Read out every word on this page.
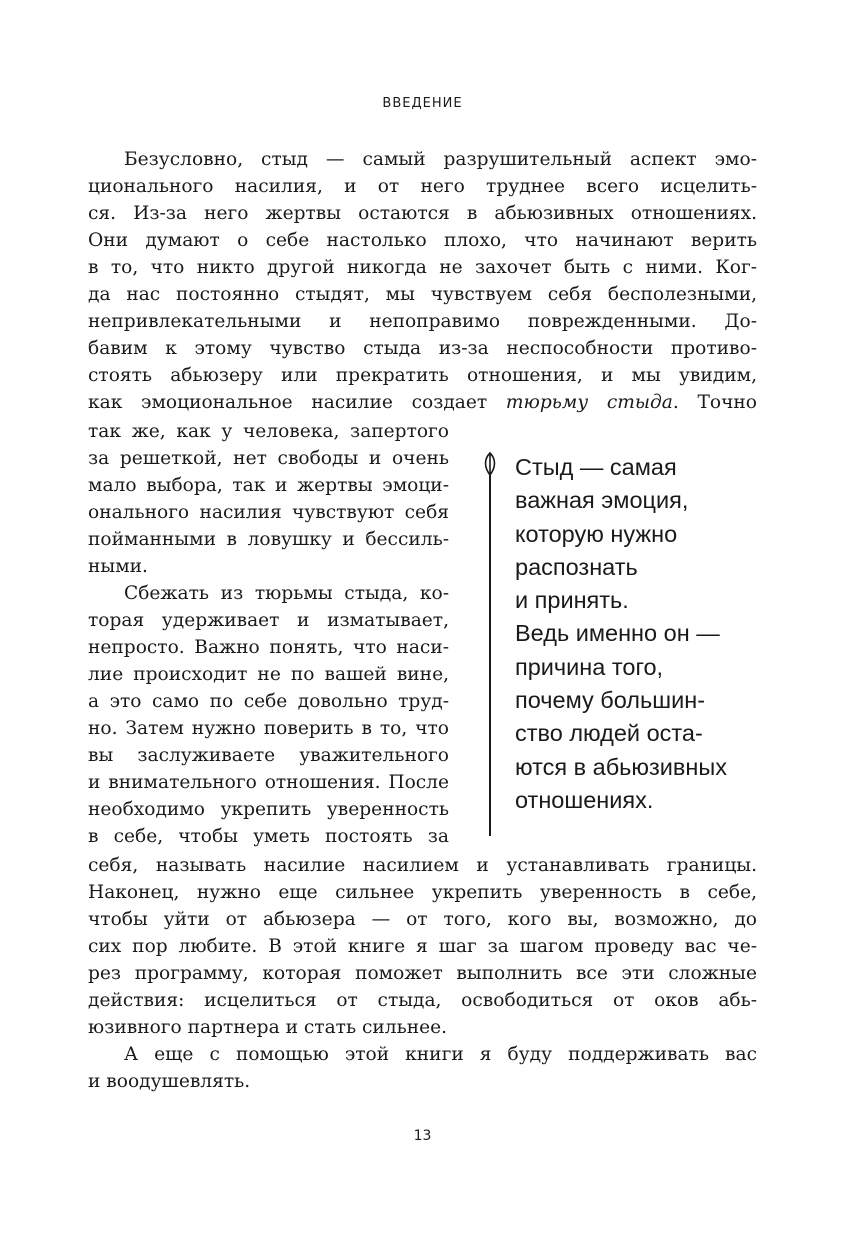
ВВЕДЕНИЕ
Безусловно, стыд — самый разрушительный аспект эмо-
ционального насилия, и от него труднее всего исцелить-
ся. Из-за него жертвы остаются в абьюзивных отношениях.
Они думают о себе настолько плохо, что начинают верить
в то, что никто другой никогда не захочет быть с ними. Ког-
да нас постоянно стыдят, мы чувствуем себя бесполезными,
непривлекательными и непоправимо поврежденными. До-
бавим к этому чувство стыда из-за неспособности противо-
стоять абьюзеру или прекратить отношения, и мы увидим,
как эмоциональное насилие создает тюрьму стыда. Точно
так же, как у человека, запертого
за решеткой, нет свободы и очень
мало выбора, так и жертвы эмоци-
онального насилия чувствуют себя
пойманными в ловушку и бессиль-
ными.
Сбежать из тюрьмы стыда, ко-
торая удерживает и изматывает,
непросто. Важно понять, что наси-
лие происходит не по вашей вине,
а это само по себе довольно труд-
но. Затем нужно поверить в то, что
вы заслуживаете уважительного
и внимательного отношения. После
необходимо укрепить уверенность
в себе, чтобы уметь постоять за
себя, называть насилие насилием и устанавливать границы.
Наконец, нужно еще сильнее укрепить уверенность в себе,
чтобы уйти от абьюзера — от того, кого вы, возможно, до
сих пор любите. В этой книге я шаг за шагом проведу вас че-
рез программу, которая поможет выполнить все эти сложные
действия: исцелиться от стыда, освободиться от оков абь-
юзивного партнера и стать сильнее.
А еще с помощью этой книги я буду поддерживать вас
и воодушевлять.
Стыд — самая
важная эмоция,
которую нужно
распознать
и принять.
Ведь именно он —
причина того,
почему большин-
ство людей оста-
ются в абьюзивных
отношениях.
13
